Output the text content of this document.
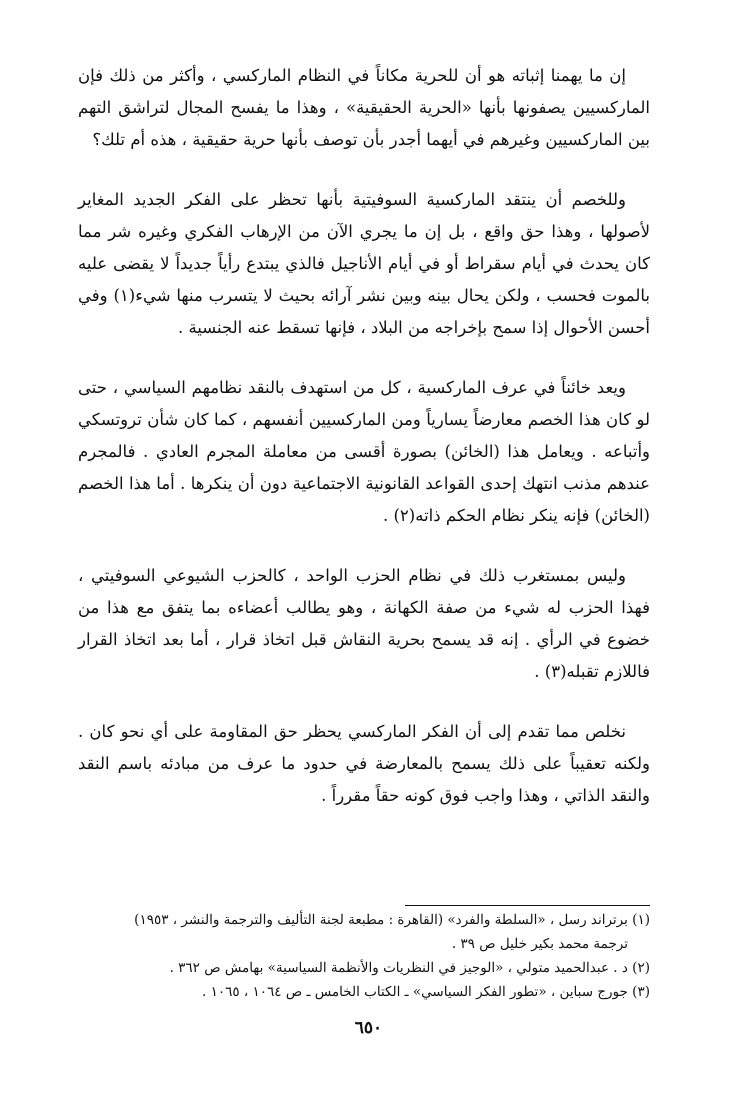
إن ما يهمنا إثباته هو أن للحرية مكاناً في النظام الماركسي ، وأكثر من ذلك فإن الماركسيين يصفونها بأنها «الحرية الحقيقية» ، وهذا ما يفسح المجال لتراشق التهم بين الماركسيين وغيرهم في أيهما أجدر بأن توصف بأنها حرية حقيقية ، هذه أم تلك؟

وللخصم أن ينتقد الماركسية السوفيتية بأنها تحظر على الفكر الجديد المغاير لأصولها ، وهذا حق واقع ، بل إن ما يجري الآن من الإرهاب الفكري وغيره شر مما كان يحدث في أيام سقراط أو في أيام الأناجيل فالذي يبتدع رأياً جديداً لا يقضى عليه بالموت فحسب ، ولكن يحال بينه وبين نشر آرائه بحيث لا يتسرب منها شيء(١) وفي أحسن الأحوال إذا سمح بإخراجه من البلاد ، فإنها تسقط عنه الجنسية .

ويعد خائناً في عرف الماركسية ، كل من استهدف بالنقد نظامهم السياسي ، حتى لو كان هذا الخصم معارضاً يسارياً ومن الماركسيين أنفسهم ، كما كان شأن تروتسكي وأتباعه . ويعامل هذا (الخائن) بصورة أقسى من معاملة المجرم العادي . فالمجرم عندهم مذنب انتهك إحدى القواعد القانونية الاجتماعية دون أن ينكرها . أما هذا الخصم (الخائن) فإنه ينكر نظام الحكم ذاته(٢) .

وليس بمستغرب ذلك في نظام الحزب الواحد ، كالحزب الشيوعي السوفيتي ، فهذا الحزب له شيء من صفة الكهانة ، وهو يطالب أعضاءه بما يتفق مع هذا من خضوع في الرأي . إنه قد يسمح بحرية النقاش قبل اتخاذ قرار ، أما بعد اتخاذ القرار فاللازم تقبله(٣) .

نخلص مما تقدم إلى أن الفكر الماركسي يحظر حق المقاومة على أي نحو كان . ولكنه تعقيباً على ذلك يسمح بالمعارضة في حدود ما عرف من مبادئه باسم النقد والنقد الذاتي ، وهذا واجب فوق كونه حقاً مقرراً .

(١) برتراند رسل ، «السلطة والفرد» (القاهرة : مطبعة لجنة التأليف والترجمة والنشر ، ١٩٥٣)

ترجمة محمد بكير خليل ص ٣٩ .

(٢) د . عبدالحميد متولي ، «الوجيز في النظريات والأنظمة السياسية» بهامش ص ٣٦٢ .

(٣) جورج سباين ، «تطور الفكر السياسي» ـ الكتاب الخامس ـ ص ١٠٦٤ ، ١٠٦٥ .

٦٥٠
